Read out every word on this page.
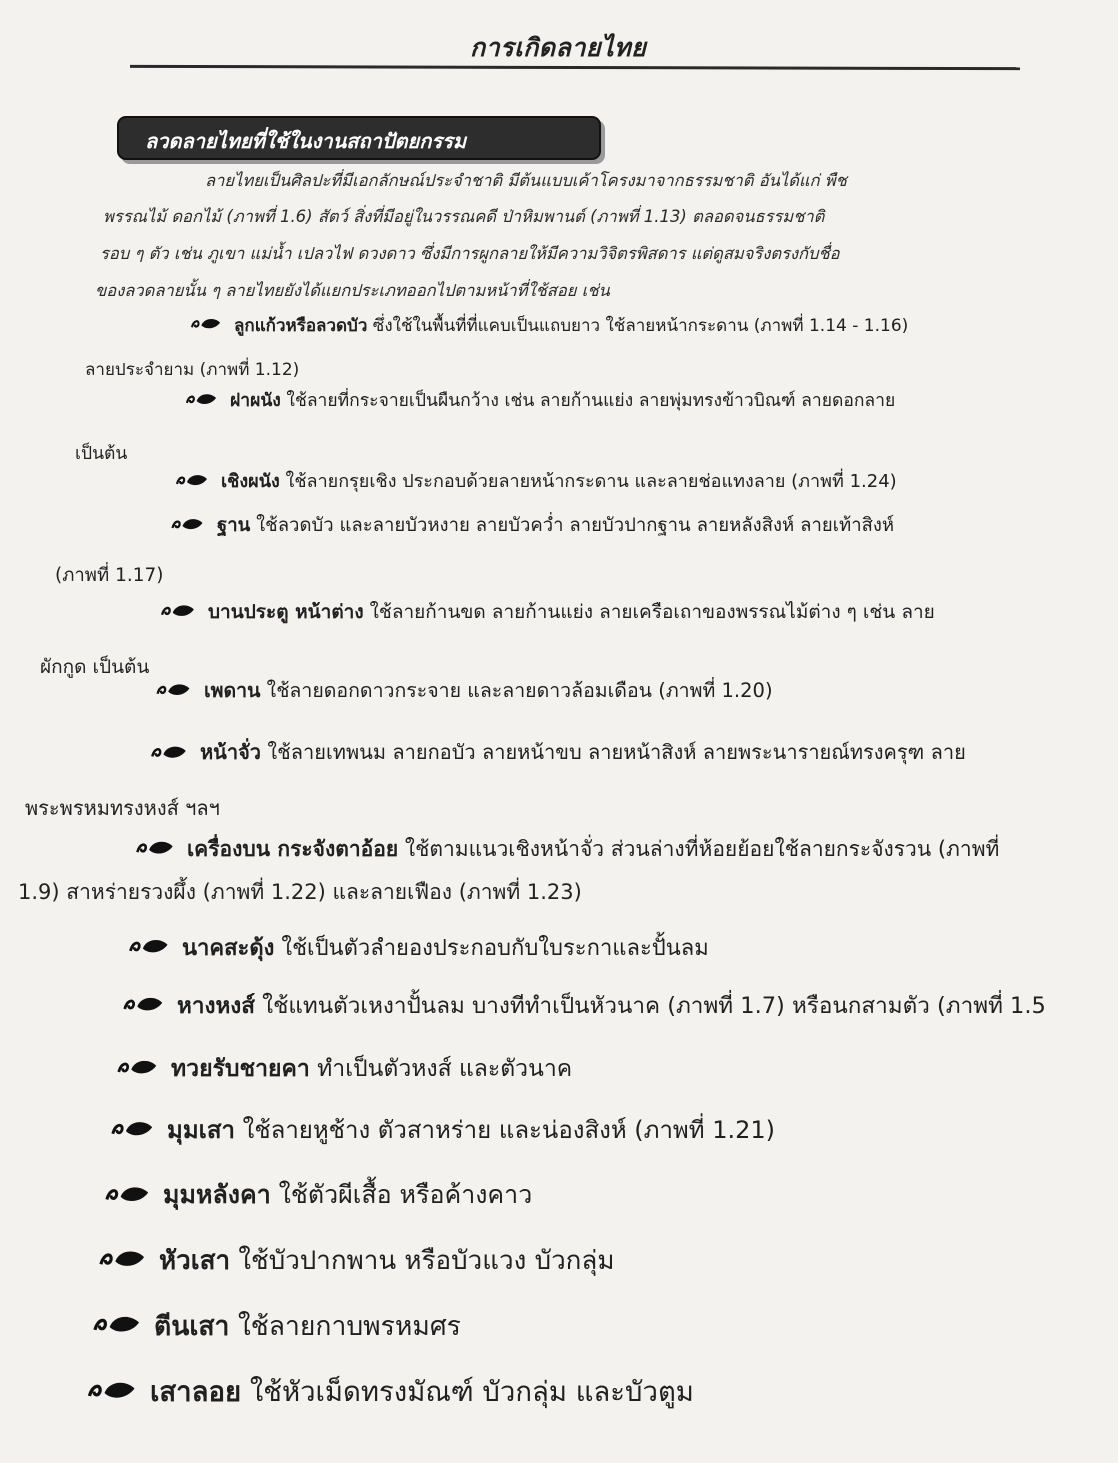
การเกิดลายไทย
ลวดลายไทยที่ใช้ในงานสถาปัตยกรรม
ลายไทยเป็นศิลปะที่มีเอกลักษณ์ประจำชาติ มีต้นแบบเค้าโครงมาจากธรรมชาติ อันได้แก่ พืช
พรรณไม้ ดอกไม้ (ภาพที่ 1.6) สัตว์ สิ่งที่มีอยู่ในวรรณคดี ป่าหิมพานต์ (ภาพที่ 1.13) ตลอดจนธรรมชาติ
รอบ ๆ ตัว เช่น ภูเขา แม่น้ำ เปลวไฟ ดวงดาว ซึ่งมีการผูกลายให้มีความวิจิตรพิสดาร แต่ดูสมจริงตรงกับชื่อ
ของลวดลายนั้น ๆ ลายไทยยังได้แยกประเภทออกไปตามหน้าที่ใช้สอย เช่น
ลูกแก้วหรือลวดบัว ซึ่งใช้ในพื้นที่ที่แคบเป็นแถบยาว ใช้ลายหน้ากระดาน (ภาพที่ 1.14 - 1.16)
ลายประจำยาม (ภาพที่ 1.12)
ฝาผนัง ใช้ลายที่กระจายเป็นผืนกว้าง เช่น ลายก้านแย่ง ลายพุ่มทรงข้าวบิณฑ์ ลายดอกลาย
เป็นต้น
เชิงผนัง ใช้ลายกรุยเชิง ประกอบด้วยลายหน้ากระดาน และลายช่อแทงลาย (ภาพที่ 1.24)
ฐาน ใช้ลวดบัว และลายบัวหงาย ลายบัวคว่ำ ลายบัวปากฐาน ลายหลังสิงห์ ลายเท้าสิงห์
(ภาพที่ 1.17)
บานประตู หน้าต่าง ใช้ลายก้านขด ลายก้านแย่ง ลายเครือเถาของพรรณไม้ต่าง ๆ เช่น ลาย
ผักกูด เป็นต้น
เพดาน ใช้ลายดอกดาวกระจาย และลายดาวล้อมเดือน (ภาพที่ 1.20)
หน้าจั่ว ใช้ลายเทพนม ลายกอบัว ลายหน้าขบ ลายหน้าสิงห์ ลายพระนารายณ์ทรงครุฑ ลาย
พระพรหมทรงหงส์ ฯลฯ
เครื่องบน กระจังตาอ้อย ใช้ตามแนวเชิงหน้าจั่ว ส่วนล่างที่ห้อยย้อยใช้ลายกระจังรวน (ภาพที่
1.9) สาหร่ายรวงผึ้ง (ภาพที่ 1.22) และลายเฟือง (ภาพที่ 1.23)
นาคสะดุ้ง ใช้เป็นตัวลำยองประกอบกับใบระกาและปั้นลม
หางหงส์ ใช้แทนตัวเหงาปั้นลม บางทีทำเป็นหัวนาค (ภาพที่ 1.7) หรือนกสามตัว (ภาพที่ 1.5
ทวยรับชายคา ทำเป็นตัวหงส์ และตัวนาค
มุมเสา ใช้ลายหูช้าง ตัวสาหร่าย และน่องสิงห์ (ภาพที่ 1.21)
มุมหลังคา ใช้ตัวผีเสื้อ หรือค้างคาว
หัวเสา ใช้บัวปากพาน หรือบัวแวง บัวกลุ่ม
ตีนเสา ใช้ลายกาบพรหมศร
เสาลอย ใช้หัวเม็ดทรงมัณฑ์ บัวกลุ่ม และบัวตูม
